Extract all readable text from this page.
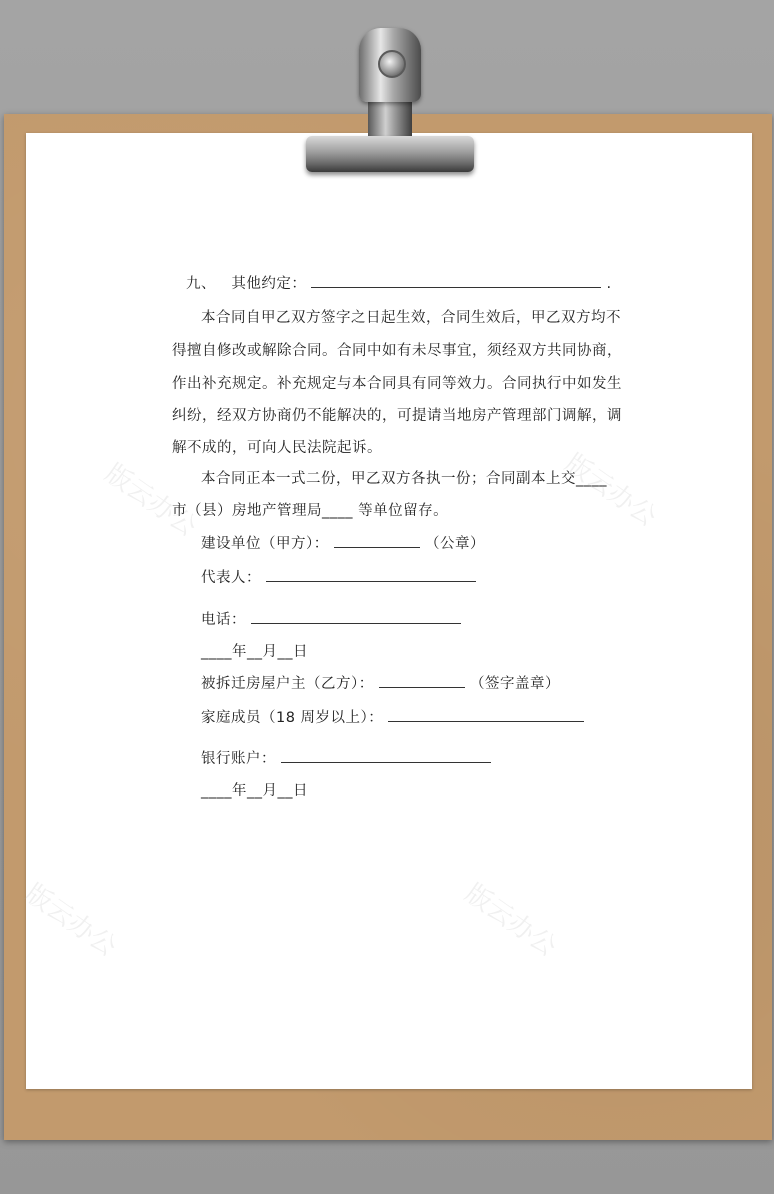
九、 其他约定：	.
本合同自甲乙双方签字之日起生效，合同生效后，甲乙双方均不
得擅自修改或解除合同。合同中如有未尽事宜，须经双方共同协商，
作出补充规定。补充规定与本合同具有同等效力。合同执行中如发生
纠纷，经双方协商仍不能解决的，可提请当地房产管理部门调解，调
解不成的，可向人民法院起诉。
本合同正本一式二份，甲乙双方各执一份；合同副本上交____
市（县）房地产管理局____ 等单位留存。
建设单位（甲方）：	（公章）
代表人：
电话：
____年__月__日
被拆迁房屋户主（乙方）：	（签字盖章）
家庭成员（18 周岁以上）：
银行账户：
____年__月__日
